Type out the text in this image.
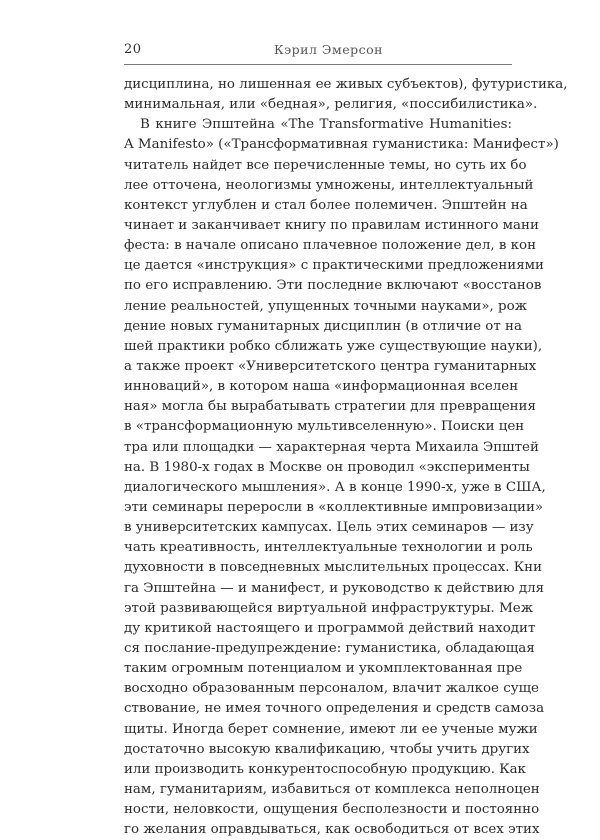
20	Кэрил Эмерсон
дисциплина, но лишенная ее живых субъектов), футуристика,
минимальная, или «бедная», религия, «поссибилистика».
В книге Эпштейна «The Transformative Humanities:
A Manifesto» («Трансформативная гуманистика: Манифест»)
читатель найдет все перечисленные темы, но суть их бо
лее отточена, неологизмы умножены, интеллектуальный
контекст углублен и стал более полемичен. Эпштейн на
чинает и заканчивает книгу по правилам истинного мани
феста: в начале описано плачевное положение дел, в кон
це дается «инструкция» с практическими предложениями
по его исправлению. Эти последние включают «восстанов
ление реальностей, упущенных точными науками», рож
дение новых гуманитарных дисциплин (в отличие от на
шей практики робко сближать уже существующие науки),
а также проект «Университетского центра гуманитарных
инноваций», в котором наша «информационная вселен
ная» могла бы вырабатывать стратегии для превращения
в «трансформационную мультивселенную». Поиски цен
тра или площадки — характерная черта Михаила Эпштей
на. В 1980-х годах в Москве он проводил «эксперименты
диалогического мышления». А в конце 1990-х, уже в США,
эти семинары переросли в «коллективные импровизации»
в университетских кампусах. Цель этих семинаров — изу
чать креативность, интеллектуальные технологии и роль
духовности в повседневных мыслительных процессах. Кни
га Эпштейна — и манифест, и руководство к действию для
этой развивающейся виртуальной инфраструктуры. Меж
ду критикой настоящего и программой действий находит
ся послание-предупреждение: гуманистика, обладающая
таким огромным потенциалом и укомплектованная пре
восходно образованным персоналом, влачит жалкое суще
ствование, не имея точного определения и средств самоза
щиты. Иногда берет сомнение, имеют ли ее ученые мужи
достаточно высокую квалификацию, чтобы учить других
или производить конкурентоспособную продукцию. Как
нам, гуманитариям, избавиться от комплекса неполноцен
ности, неловкости, ощущения бесполезности и постоянно
го желания оправдываться, как освободиться от всех этих
